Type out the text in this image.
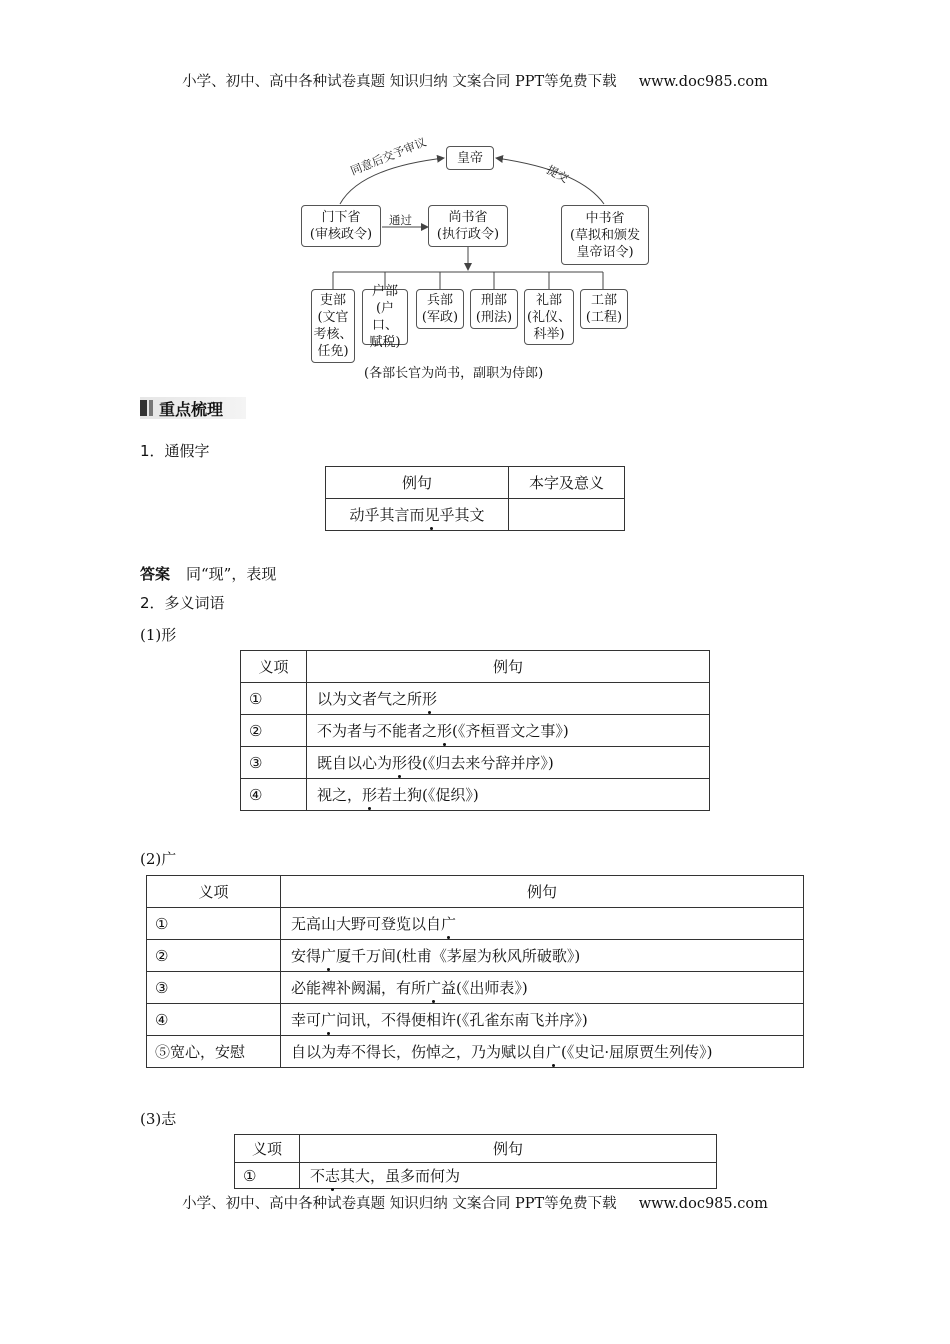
小学、初中、高中各种试卷真题 知识归纳 文案合同 PPT等免费下载 www.doc985.com
皇帝
门下省
(审核政令)
尚书省
(执行政令)
中书省
(草拟和颁发
皇帝诏令)
同意后交予审议	提交
通过
吏部
(文官
考核、
任免)
户部
(户口、
赋税)
兵部
(军政)
刑部
(刑法)
礼部
(礼仪、
科举)
工部
(工程)
(各部长官为尚书，副职为侍郎)
重点梳理
1．通假字
例句	本字及意义
动乎其言而见乎其文	
答案 同“现”，表现
2．多义词语
(1)形
义项	例句
①	以为文者气之所形
②	不为者与不能者之形(《齐桓晋文之事》)
③	既自以心为形役(《归去来兮辞并序》)
④	视之，形若土狗(《促织》)
(2)广
义项	例句
①	无高山大野可登览以自广
②	安得广厦千万间(杜甫《茅屋为秋风所破歌》)
③	必能裨补阙漏，有所广益(《出师表》)
④	幸可广问讯，不得便相许(《孔雀东南飞并序》)
⑤宽心，安慰	自以为寿不得长，伤悼之，乃为赋以自广(《史记·屈原贾生列传》)
(3)志
义项	例句
①	不志其大，虽多而何为
小学、初中、高中各种试卷真题 知识归纳 文案合同 PPT等免费下载 www.doc985.com
